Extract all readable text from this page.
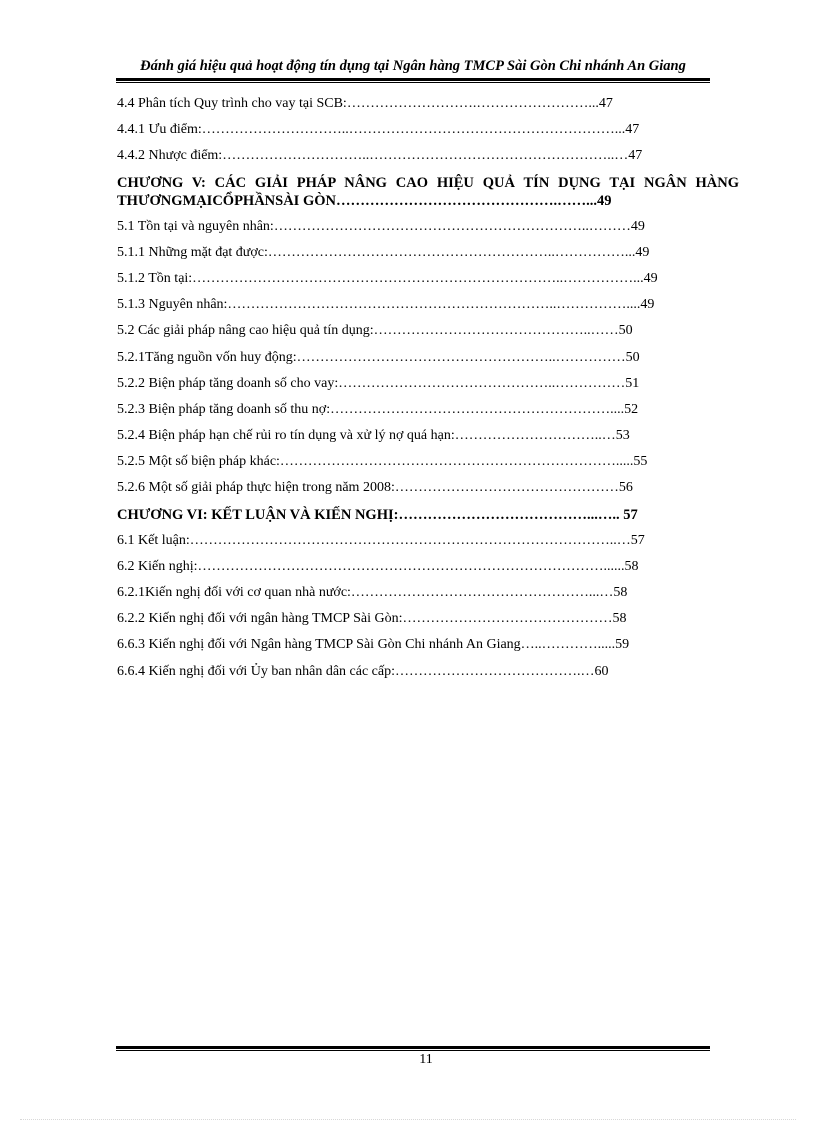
Đánh giá hiệu quả hoạt động tín dụng tại Ngân hàng TMCP Sài Gòn Chi nhánh An Giang
4.4 Phân tích Quy trình cho vay tại SCB:……………………….……………………...47
4.4.1 Ưu điểm:…………………………..…………………………………………………...47
4.4.2 Nhược điểm:…………………………..……………………………………………..…47
CHƯƠNG V: CÁC GIẢI PHÁP NÂNG CAO HIỆU QUẢ TÍN DỤNG TẠI NGÂN HÀNG THƯƠNGMẠICỔPHẦNSÀI GÒN……………………………………….……...49
5.1 Tồn tại và nguyên nhân:…………………………………………………………..………49
5.1.1 Những mặt đạt được:……………………………………………………..……………...49
5.1.2 Tồn tại:……………………………………………………………………..……………...49
5.1.3 Nguyên nhân:……………………………………………………………..……………....49
5.2 Các giải pháp nâng cao hiệu quả tín dụng:………………………………………..……50
5.2.1Tăng nguồn vốn huy động:………………………………………………..……………50
5.2.2 Biện pháp tăng doanh số cho vay:………………………………………..……………51
5.2.3 Biện pháp tăng doanh số thu nợ:……………………………………………………....52
5.2.4 Biện pháp hạn chế rủi ro tín dụng và xử lý nợ quá hạn:…………………………..…53
5.2.5 Một số biện pháp khác:……………………………………………………………….....55
5.2.6 Một số giải pháp thực hiện trong năm 2008:…………………………………………56
CHƯƠNG VI: KẾT LUẬN VÀ KIẾN NGHỊ:…………………………………...….. 57
6.1 Kết luận:………………………………………………………………………………..…57
6.2 Kiến nghị:……………………………………………………………………………......58
6.2.1Kiến nghị đối với cơ quan nhà nước:……………………………………………...…58
6.2.2 Kiến nghị đối với ngân hàng TMCP Sài Gòn:………………………………………58
6.6.3 Kiến nghị đối với Ngân hàng TMCP Sài Gòn Chi nhánh An Giang…..………….....59
6.6.4 Kiến nghị đối với Ủy ban nhân dân các cấp:………………………………….…60
11
